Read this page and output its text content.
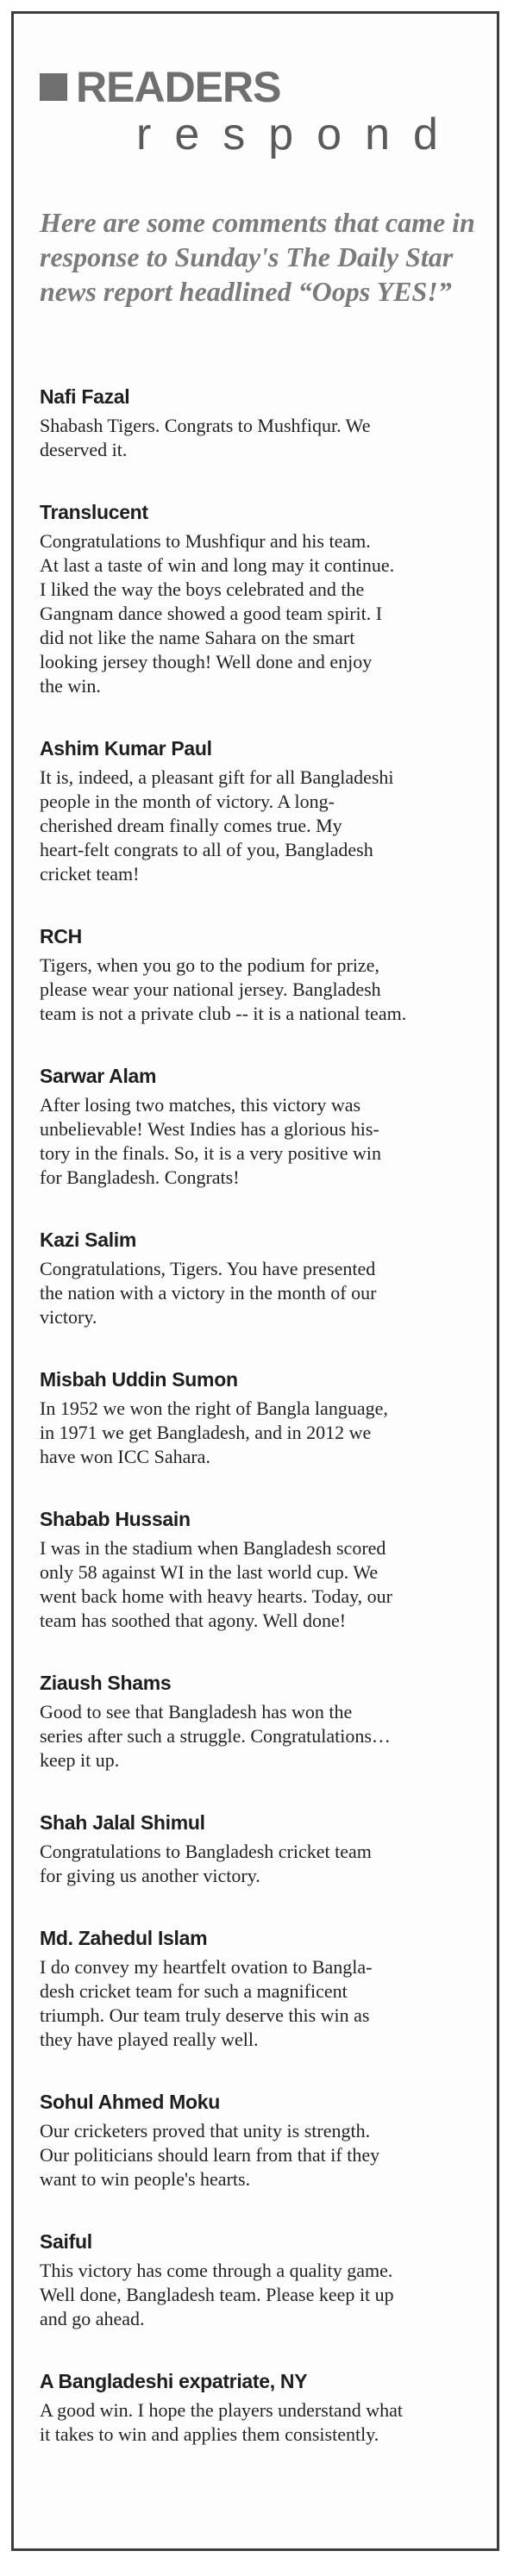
READERS
respond

Here are some comments that came in response to Sunday's The Daily Star news report headlined “Oops YES!”

Nafi Fazal

Shabash Tigers. Congrats to Mushfiqur. We
deserved it.

Translucent

Congratulations to Mushfiqur and his team.
At last a taste of win and long may it continue.
I liked the way the boys celebrated and the
Gangnam dance showed a good team spirit. I
did not like the name Sahara on the smart
looking jersey though! Well done and enjoy
the win.

Ashim Kumar Paul

It is, indeed, a pleasant gift for all Bangladeshi
people in the month of victory. A long-
cherished dream finally comes true. My
heart-felt congrats to all of you, Bangladesh
cricket team!

RCH

Tigers, when you go to the podium for prize,
please wear your national jersey. Bangladesh
team is not a private club -- it is a national team.

Sarwar Alam

After losing two matches, this victory was
unbelievable! West Indies has a glorious his-
tory in the finals. So, it is a very positive win
for Bangladesh. Congrats!

Kazi Salim

Congratulations, Tigers. You have presented
the nation with a victory in the month of our
victory.

Misbah Uddin Sumon

In 1952 we won the right of Bangla language,
in 1971 we get Bangladesh, and in 2012 we
have won ICC Sahara.

Shabab Hussain

I was in the stadium when Bangladesh scored
only 58 against WI in the last world cup. We
went back home with heavy hearts. Today, our
team has soothed that agony. Well done!

Ziaush Shams

Good to see that Bangladesh has won the
series after such a struggle. Congratulations…
keep it up.

Shah Jalal Shimul

Congratulations to Bangladesh cricket team
for giving us another victory.

Md. Zahedul Islam

I do convey my heartfelt ovation to Bangla-
desh cricket team for such a magnificent
triumph. Our team truly deserve this win as
they have played really well.

Sohul Ahmed Moku

Our cricketers proved that unity is strength.
Our politicians should learn from that if they
want to win people's hearts.

Saiful

This victory has come through a quality game.
Well done, Bangladesh team. Please keep it up
and go ahead.

A Bangladeshi expatriate, NY

A good win. I hope the players understand what
it takes to win and applies them consistently.
